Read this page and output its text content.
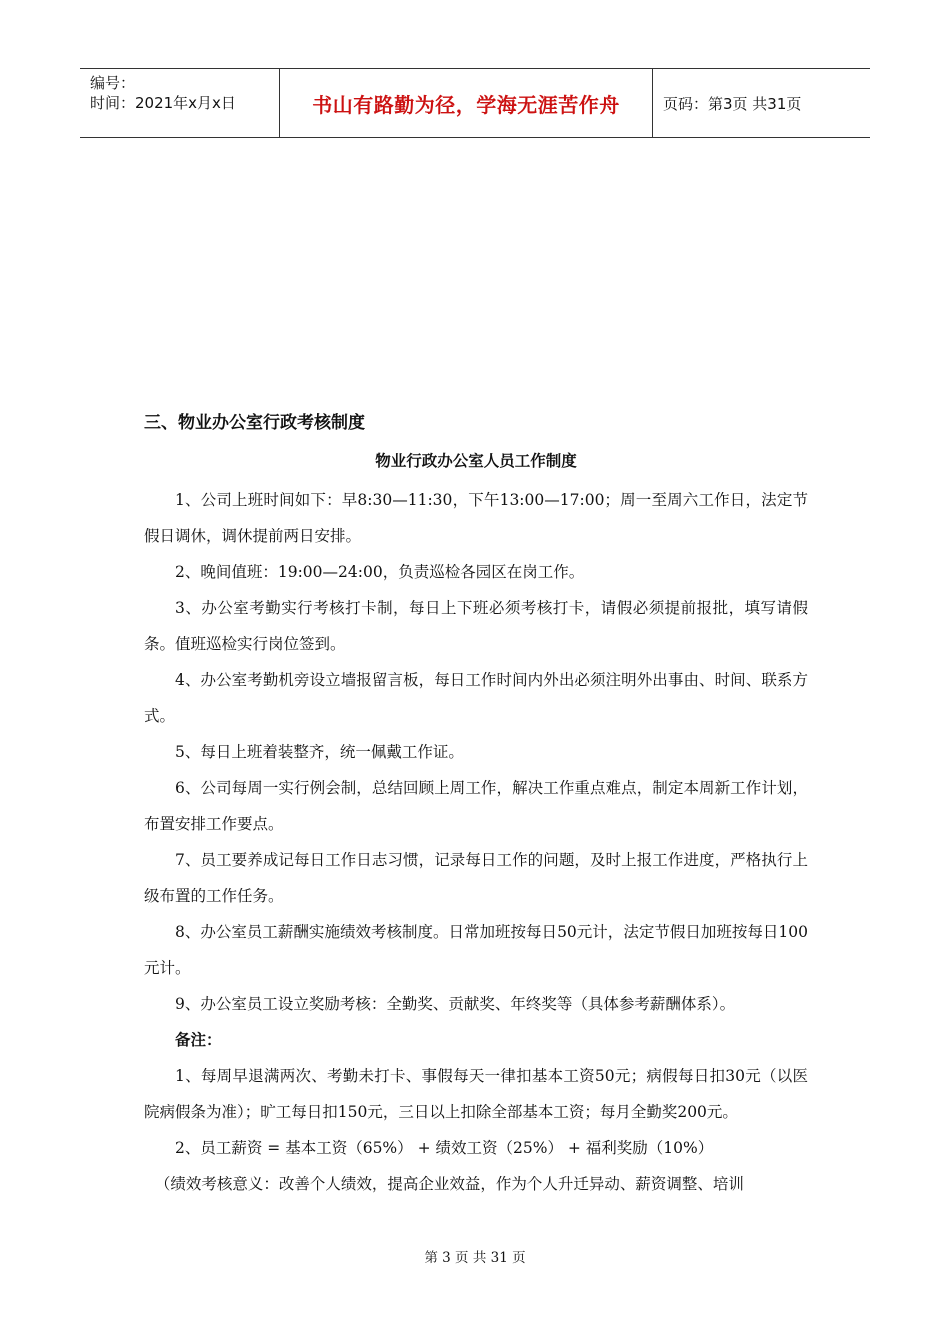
编号：
时间：2021年x月x日	书山有路勤为径，学海无涯苦作舟	页码：第3页 共31页
三、物业办公室行政考核制度
物业行政办公室人员工作制度

1、公司上班时间如下：早8:30—11:30，下午13:00—17:00；周一至周六工作日，法定节假日调休，调休提前两日安排。

2、晚间值班：19:00—24:00，负责巡检各园区在岗工作。

3、办公室考勤实行考核打卡制，每日上下班必须考核打卡，请假必须提前报批，填写请假条。值班巡检实行岗位签到。

4、办公室考勤机旁设立墙报留言板，每日工作时间内外出必须注明外出事由、时间、联系方式。

5、每日上班着装整齐，统一佩戴工作证。

6、公司每周一实行例会制，总结回顾上周工作，解决工作重点难点，制定本周新工作计划，布置安排工作要点。

7、员工要养成记每日工作日志习惯，记录每日工作的问题，及时上报工作进度，严格执行上级布置的工作任务。

8、办公室员工薪酬实施绩效考核制度。日常加班按每日50元计，法定节假日加班按每日100元计。

9、办公室员工设立奖励考核：全勤奖、贡献奖、年终奖等（具体参考薪酬体系）。

备注：

1、每周早退满两次、考勤未打卡、事假每天一律扣基本工资50元；病假每日扣30元（以医院病假条为准）；旷工每日扣150元，三日以上扣除全部基本工资；每月全勤奖200元。

2、员工薪资 = 基本工资（65%） + 绩效工资（25%） + 福利奖励（10%）

（绩效考核意义：改善个人绩效，提高企业效益，作为个人升迁异动、薪资调整、培训

第 3 页 共 31 页
